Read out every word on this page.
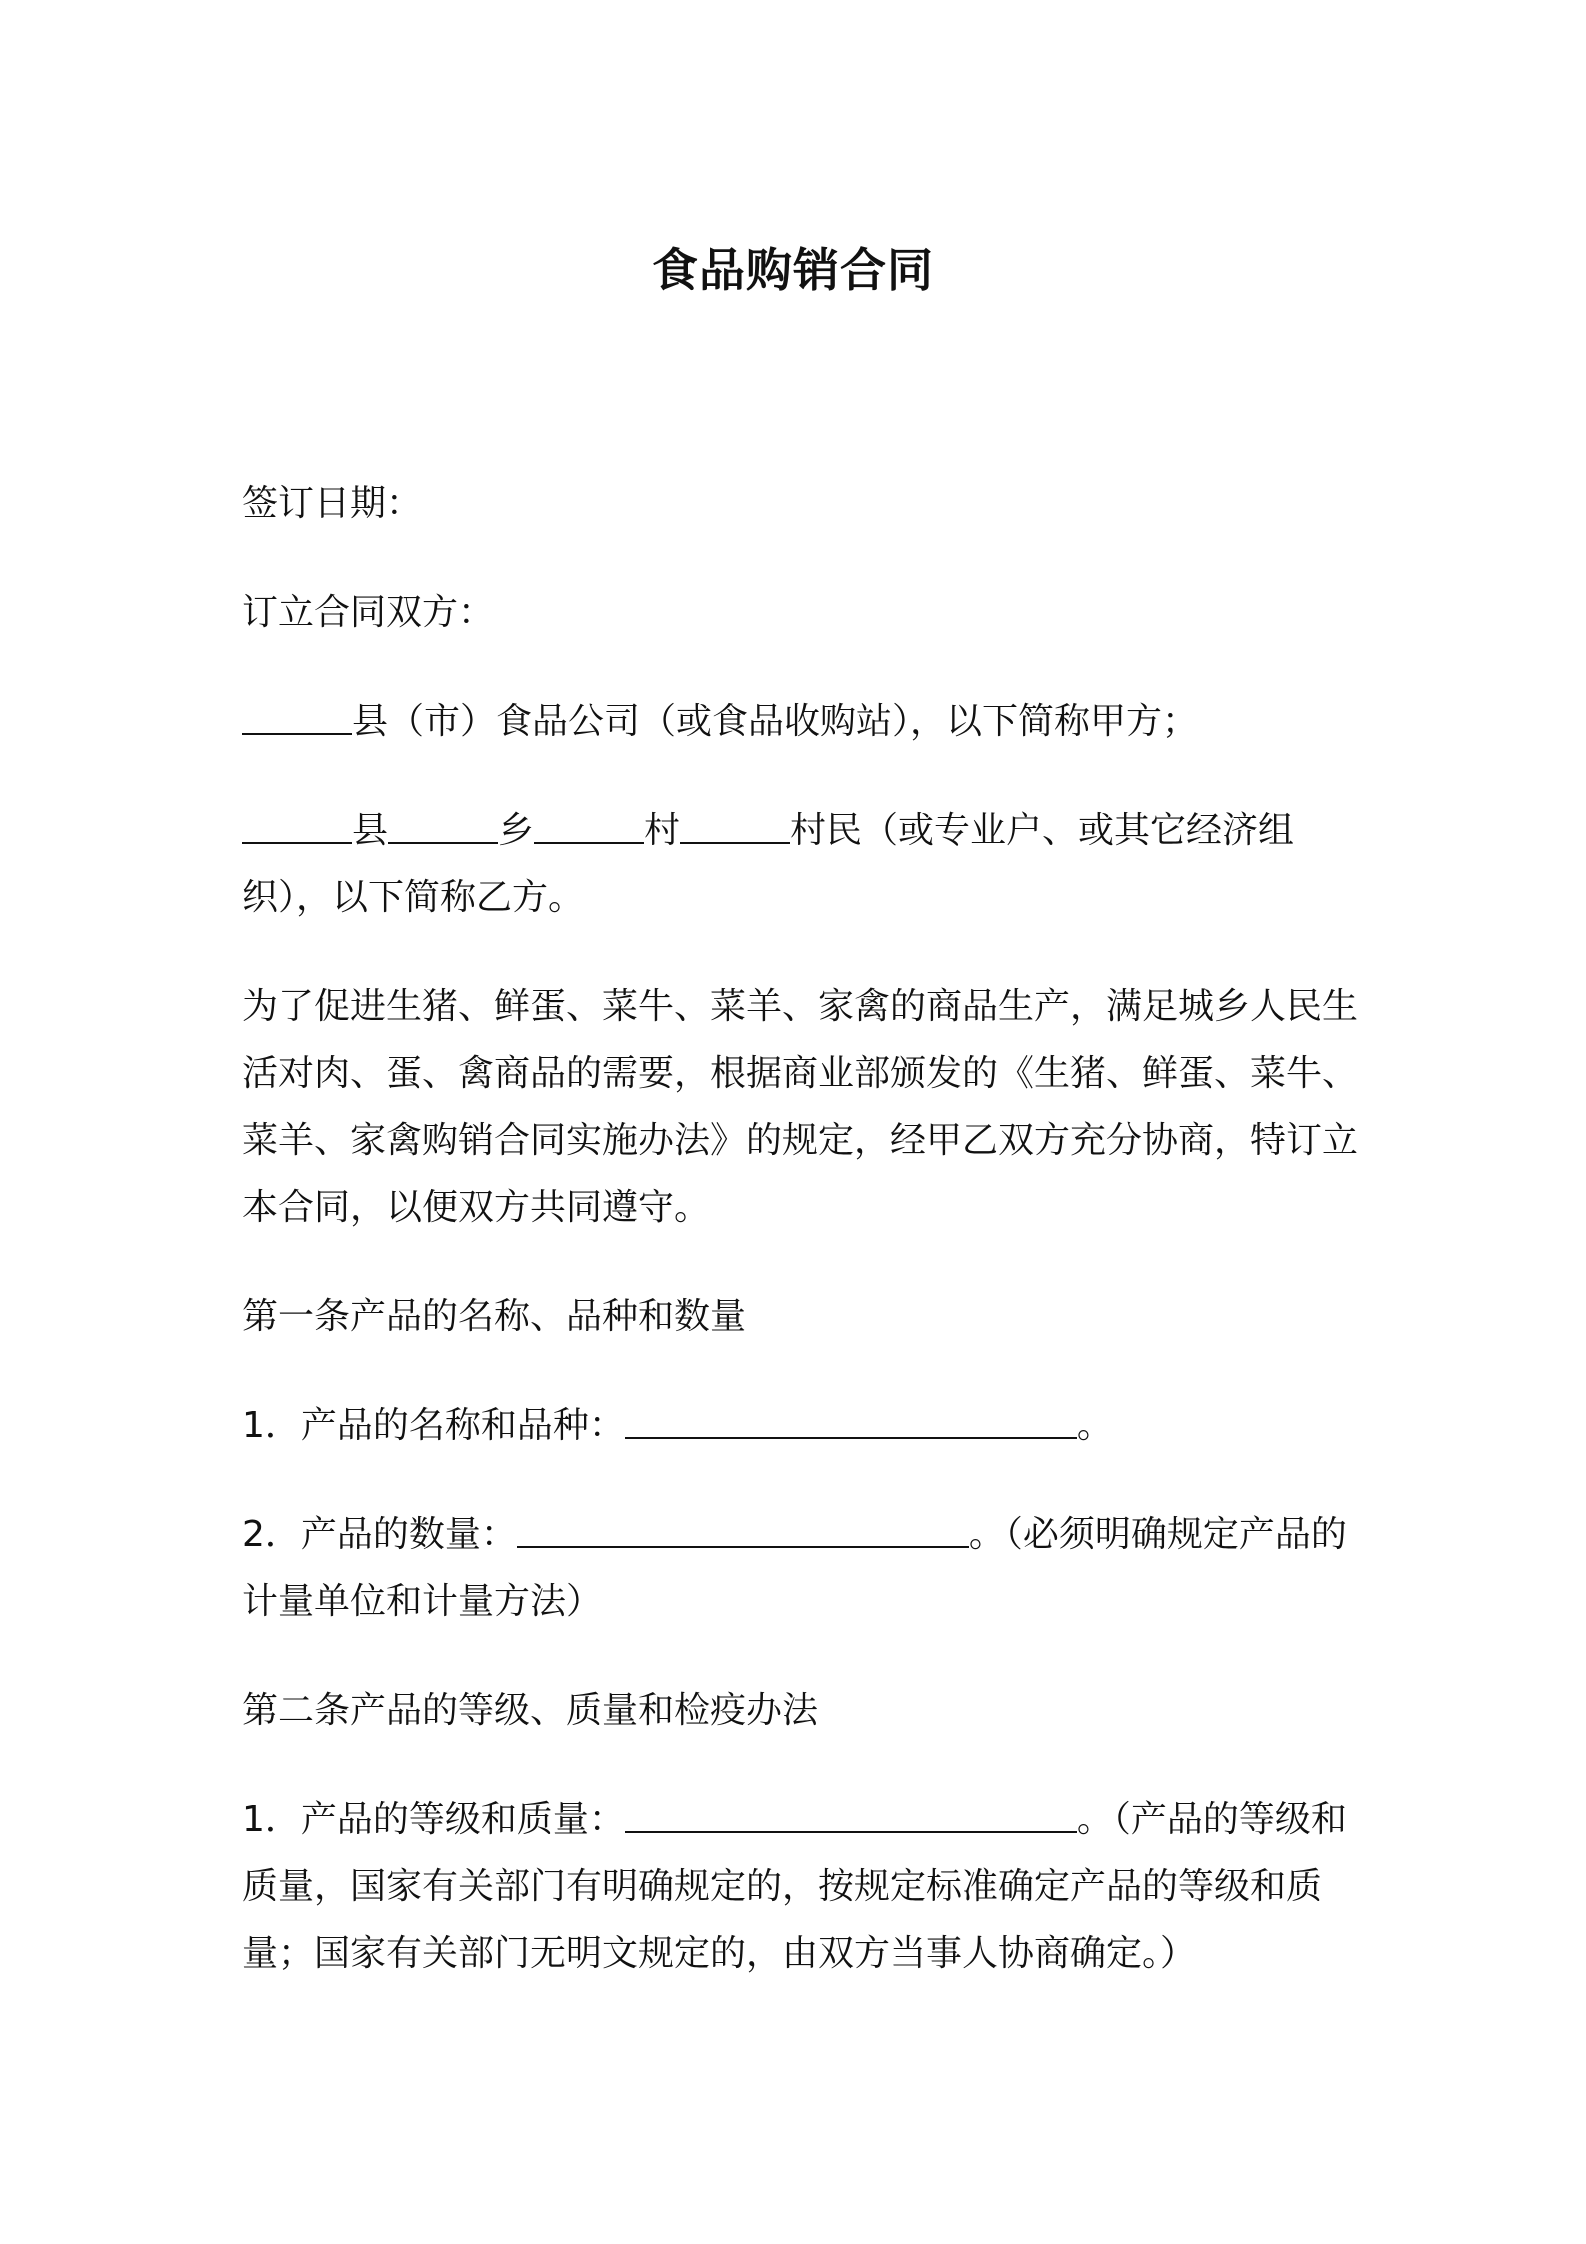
食品购销合同

签订日期：

订立合同双方：

县（市）食品公司（或食品收购站），以下简称甲方；

县	乡	村	村民（或专业户、或其它经济组织），以下简称乙方。

为了促进生猪、鲜蛋、菜牛、菜羊、家禽的商品生产，满足城乡人民生活对肉、蛋、禽商品的需要，根据商业部颁发的《生猪、鲜蛋、菜牛、菜羊、家禽购销合同实施办法》的规定，经甲乙双方充分协商，特订立本合同，以便双方共同遵守。

第一条产品的名称、品种和数量

1．产品的名称和品种：	。

2．产品的数量：	。（必须明确规定产品的计量单位和计量方法）

第二条产品的等级、质量和检疫办法

1．产品的等级和质量：	。（产品的等级和质量，国家有关部门有明确规定的，按规定标准确定产品的等级和质量；国家有关部门无明文规定的，由双方当事人协商确定。）
